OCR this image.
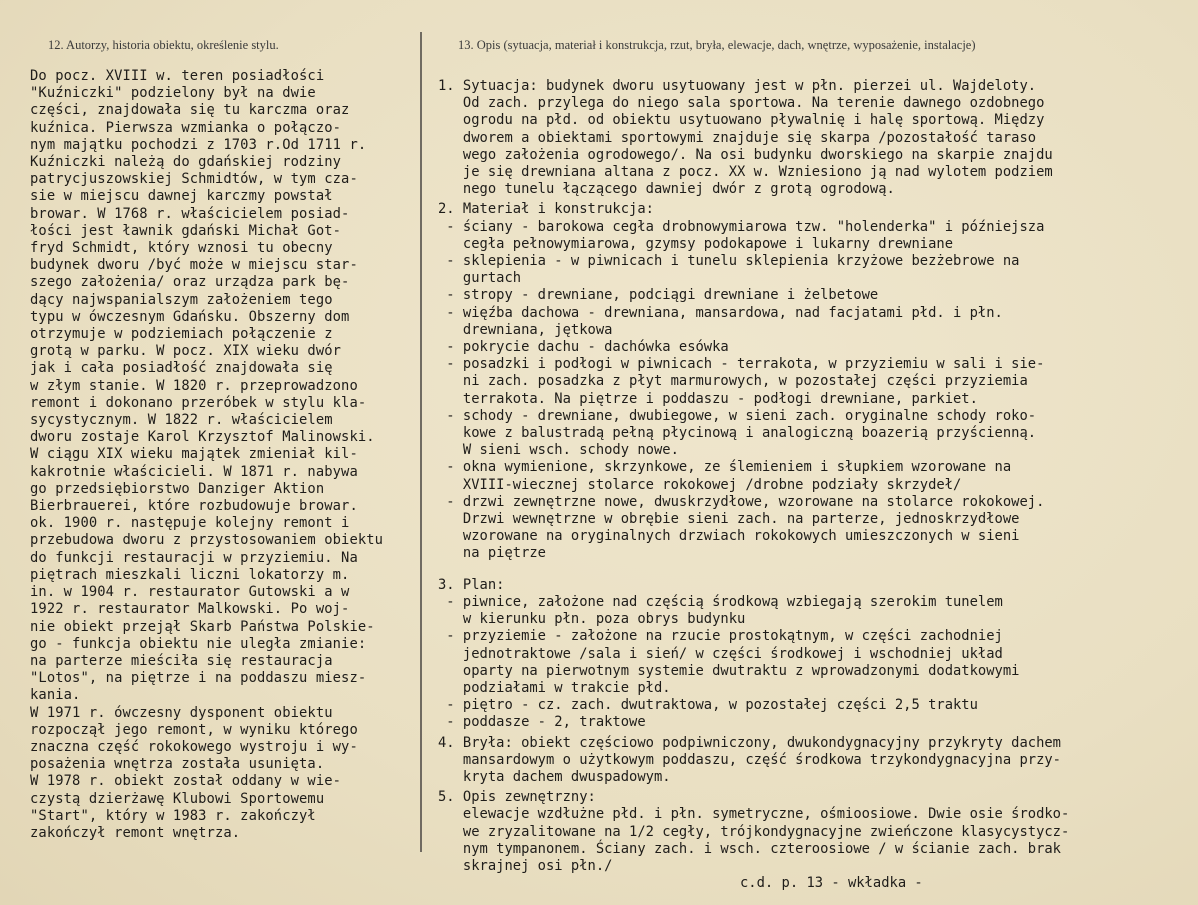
12. Autorzy, historia obiektu, określenie stylu.	13. Opis (sytuacja, materiał i konstrukcja, rzut, bryła, elewacje, dach, wnętrze, wyposażenie, instalacje)
Do pocz. XVIII w. teren posiadłości
"Kuźniczki" podzielony był na dwie
części, znajdowała się tu karczma oraz
kuźnica. Pierwsza wzmianka o połączo-
nym majątku pochodzi z 1703 r.Od 1711 r.
Kuźniczki należą do gdańskiej rodziny
patrycjuszowskiej Schmidtów, w tym cza-
sie w miejscu dawnej karczmy powstał
browar. W 1768 r. właścicielem posiad-
łości jest ławnik gdański Michał Got-
fryd Schmidt, który wznosi tu obecny
budynek dworu /być może w miejscu star-
szego założenia/ oraz urządza park bę-
dący najwspanialszym założeniem tego
typu w ówczesnym Gdańsku. Obszerny dom
otrzymuje w podziemiach połączenie z
grotą w parku. W pocz. XIX wieku dwór
jak i cała posiadłość znajdowała się
w złym stanie. W 1820 r. przeprowadzono
remont i dokonano przeróbek w stylu kla-
sycystycznym. W 1822 r. właścicielem
dworu zostaje Karol Krzysztof Malinowski.
W ciągu XIX wieku majątek zmieniał kil-
kakrotnie właścicieli. W 1871 r. nabywa
go przedsiębiorstwo Danziger Aktion
Bierbrauerei, które rozbudowuje browar.
ok. 1900 r. następuje kolejny remont i
przebudowa dworu z przystosowaniem obiektu
do funkcji restauracji w przyziemiu. Na
piętrach mieszkali liczni lokatorzy m.
in. w 1904 r. restaurator Gutowski a w
1922 r. restaurator Malkowski. Po woj-
nie obiekt przejął Skarb Państwa Polskie-
go - funkcja obiektu nie uległa zmianie:
na parterze mieściła się restauracja
"Lotos", na piętrze i na poddaszu miesz-
kania.
W 1971 r. ówczesny dysponent obiektu
rozpoczął jego remont, w wyniku którego
znaczna część rokokowego wystroju i wy-
posażenia wnętrza została usunięta.
W 1978 r. obiekt został oddany w wie-
czystą dzierżawę Klubowi Sportowemu
"Start", który w 1983 r. zakończył
zakończył remont wnętrza.
1. Sytuacja: budynek dworu usytuowany jest w płn. pierzei ul. Wajdeloty.
Od zach. przylega do niego sala sportowa. Na terenie dawnego ozdobnego
ogrodu na płd. od obiektu usytuowano pływalnię i halę sportową. Między
dworem a obiektami sportowymi znajduje się skarpa /pozostałość taraso
wego założenia ogrodowego/. Na osi budynku dworskiego na skarpie znajdu
je się drewniana altana z pocz. XX w. Wzniesiono ją nad wylotem podziem
nego tunelu łączącego dawniej dwór z grotą ogrodową.
2. Materiał i konstrukcja:
- ściany - barokowa cegła drobnowymiarowa tzw. "holenderka" i późniejsza
cegła pełnowymiarowa, gzymsy podokapowe i lukarny drewniane
- sklepienia - w piwnicach i tunelu sklepienia krzyżowe bezżebrowe na
gurtach
- stropy - drewniane, podciągi drewniane i żelbetowe
- więźba dachowa - drewniana, mansardowa, nad facjatami płd. i płn.
drewniana, jętkowa
- pokrycie dachu - dachówka esówka
- posadzki i podłogi w piwnicach - terrakota, w przyziemiu w sali i sie-
ni zach. posadzka z płyt marmurowych, w pozostałej części przyziemia
terrakota. Na piętrze i poddaszu - podłogi drewniane, parkiet.
- schody - drewniane, dwubiegowe, w sieni zach. oryginalne schody roko-
kowe z balustradą pełną płycinową i analogiczną boazerią przyścienną.
W sieni wsch. schody nowe.
- okna wymienione, skrzynkowe, ze ślemieniem i słupkiem wzorowane na
XVIII-wiecznej stolarce rokokowej /drobne podziały skrzydeł/
- drzwi zewnętrzne nowe, dwuskrzydłowe, wzorowane na stolarce rokokowej.
Drzwi wewnętrzne w obrębie sieni zach. na parterze, jednoskrzydłowe
wzorowane na oryginalnych drzwiach rokokowych umieszczonych w sieni
na piętrze
3. Plan:
- piwnice, założone nad częścią środkową wzbiegają szerokim tunelem
w kierunku płn. poza obrys budynku
- przyziemie - założone na rzucie prostokątnym, w części zachodniej
jednotraktowe /sala i sień/ w części środkowej i wschodniej układ
oparty na pierwotnym systemie dwutraktu z wprowadzonymi dodatkowymi
podziałami w trakcie płd.
- piętro - cz. zach. dwutraktowa, w pozostałej części 2,5 traktu
- poddasze - 2, traktowe
4. Bryła: obiekt częściowo podpiwniczony, dwukondygnacyjny przykryty dachem
mansardowym o użytkowym poddaszu, część środkowa trzykondygnacyjna przy-
kryta dachem dwuspadowym.
5. Opis zewnętrzny:
elewacje wzdłużne płd. i płn. symetryczne, ośmioosiowe. Dwie osie środko-
we zryzalitowane na 1/2 cegły, trójkondygnacyjne zwieńczone klasycystycz-
nym tympanonem. Ściany zach. i wsch. czteroosiowe / w ścianie zach. brak
skrajnej osi płn./
c.d. p. 13 - wkładka -
